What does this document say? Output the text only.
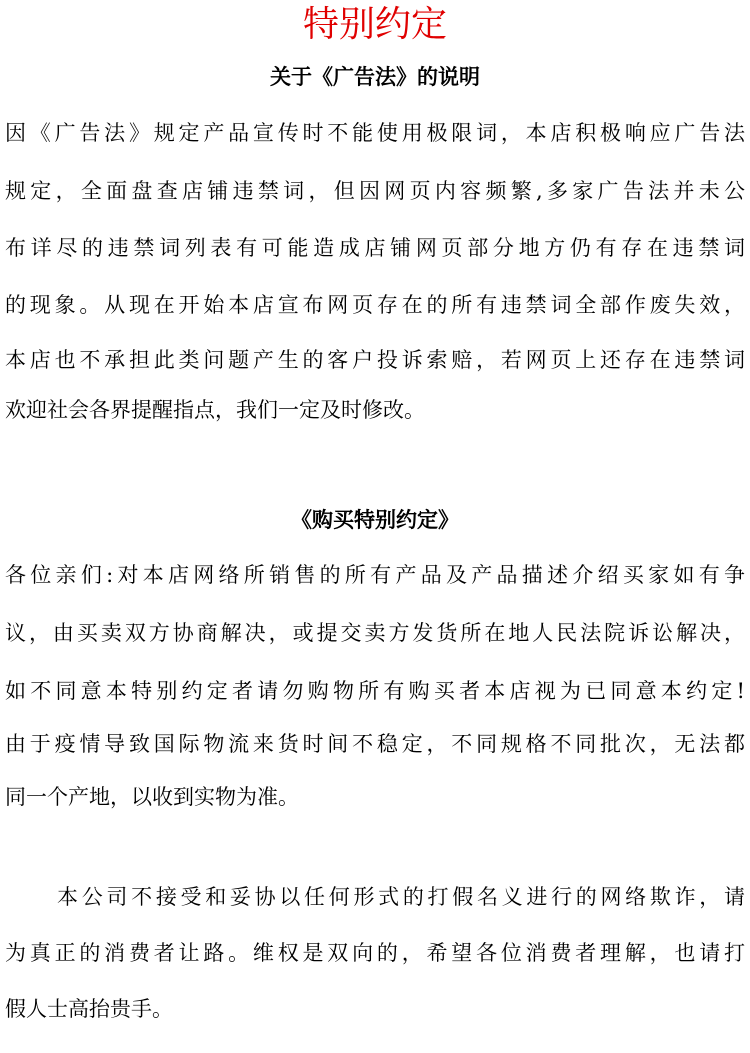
特别约定
关于《广告法》的说明
因《广告法》规定产品宣传时不能使用极限词，本店积极响应广告法
规定，全面盘查店铺违禁词，但因网页内容频繁,多家广告法并未公
布详尽的违禁词列表有可能造成店铺网页部分地方仍有存在违禁词
的现象。从现在开始本店宣布网页存在的所有违禁词全部作废失效，
本店也不承担此类问题产生的客户投诉索赔，若网页上还存在违禁词
欢迎社会各界提醒指点，我们一定及时修改。
《购买特别约定》
各位亲们:对本店网络所销售的所有产品及产品描述介绍买家如有争
议，由买卖双方协商解决，或提交卖方发货所在地人民法院诉讼解决，
如不同意本特别约定者请勿购物所有购买者本店视为已同意本约定!
由于疫情导致国际物流来货时间不稳定，不同规格不同批次，无法都
同一个产地，以收到实物为准。
本公司不接受和妥协以任何形式的打假名义进行的网络欺诈，请
为真正的消费者让路。维权是双向的，希望各位消费者理解，也请打
假人士高抬贵手。
